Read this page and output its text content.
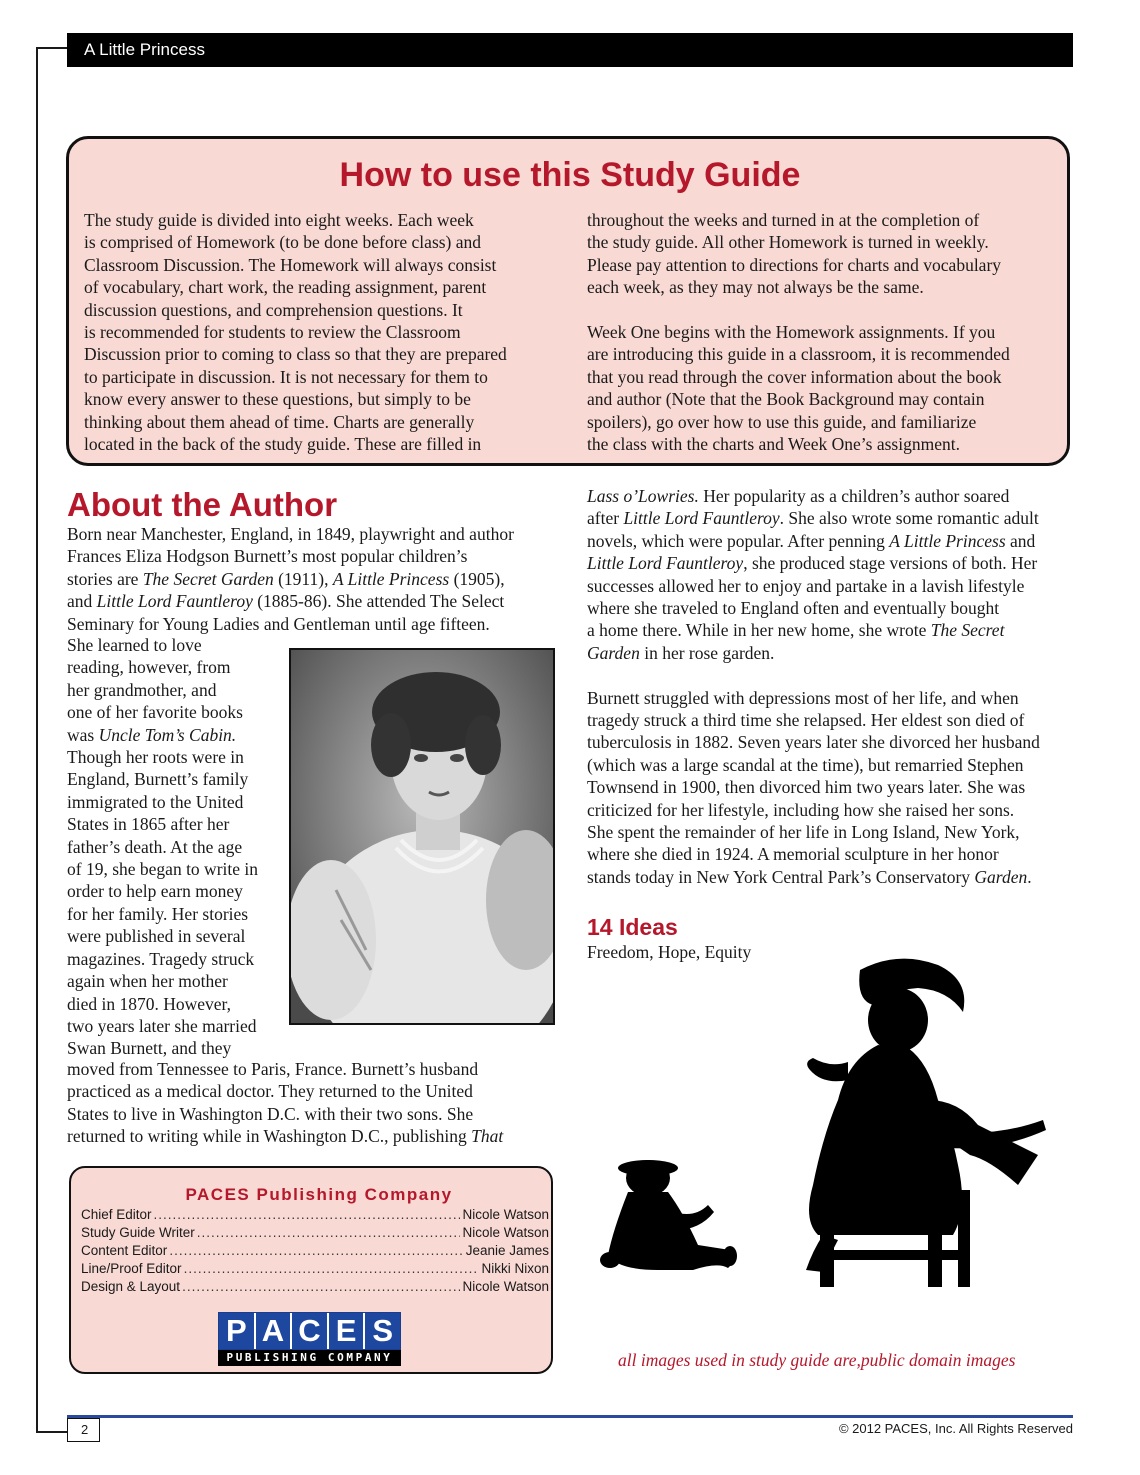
A Little Princess
How to use this Study Guide
The study guide is divided into eight weeks. Each week
is comprised of Homework (to be done before class) and
Classroom Discussion. The Homework will always consist
of vocabulary, chart work, the reading assignment, parent
discussion questions, and comprehension questions. It
is recommended for students to review the Classroom
Discussion prior to coming to class so that they are prepared
to participate in discussion. It is not necessary for them to
know every answer to these questions, but simply to be
thinking about them ahead of time. Charts are generally
located in the back of the study guide. These are filled in
throughout the weeks and turned in at the completion of
the study guide. All other Homework is turned in weekly.
Please pay attention to directions for charts and vocabulary
each week, as they may not always be the same.
Week One begins with the Homework assignments. If you
are introducing this guide in a classroom, it is recommended
that you read through the cover information about the book
and author (Note that the Book Background may contain
spoilers), go over how to use this guide, and familiarize
the class with the charts and Week One’s assignment.
About the Author
Born near Manchester, England, in 1849, playwright and author
Frances Eliza Hodgson Burnett’s most popular children’s
stories are The Secret Garden (1911), A Little Princess (1905),
and Little Lord Fauntleroy (1885-86). She attended The Select
Seminary for Young Ladies and Gentleman until age fifteen.
She learned to love
reading, however, from
her grandmother, and
one of her favorite books
was Uncle Tom’s Cabin.
Though her roots were in
England, Burnett’s family
immigrated to the United
States in 1865 after her
father’s death. At the age
of 19, she began to write in
order to help earn money
for her family. Her stories
were published in several
magazines. Tragedy struck
again when her mother
died in 1870. However,
two years later she married
Swan Burnett, and they
moved from Tennessee to Paris, France. Burnett’s husband
practiced as a medical doctor. They returned to the United
States to live in Washington D.C. with their two sons. She
returned to writing while in Washington D.C., publishing That
Lass o’Lowries. Her popularity as a children’s author soared
after Little Lord Fauntleroy. She also wrote some romantic adult
novels, which were popular. After penning A Little Princess and
Little Lord Fauntleroy, she produced stage versions of both. Her
successes allowed her to enjoy and partake in a lavish lifestyle
where she traveled to England often and eventually bought
a home there. While in her new home, she wrote The Secret
Garden in her rose garden.
Burnett struggled with depressions most of her life, and when
tragedy struck a third time she relapsed. Her eldest son died of
tuberculosis in 1882. Seven years later she divorced her husband
(which was a large scandal at the time), but remarried Stephen
Townsend in 1900, then divorced him two years later. She was
criticized for her lifestyle, including how she raised her sons.
She spent the remainder of her life in Long Island, New York,
where she died in 1924. A memorial sculpture in her honor
stands today in New York Central Park’s Conservatory Garden.
14 Ideas
Freedom, Hope, Equity
PACES Publishing Company
Chief Editor .....	Nicole Watson
Study Guide Writer .....	Nicole Watson
Content Editor .....	Jeanie James
Line/Proof Editor .....	Nikki Nixon
Design & Layout .....	Nicole Watson
P A C E S
PUBLISHING COMPANY	all images used in study guide are,public domain images
2	© 2012 PACES, Inc. All Rights Reserved
